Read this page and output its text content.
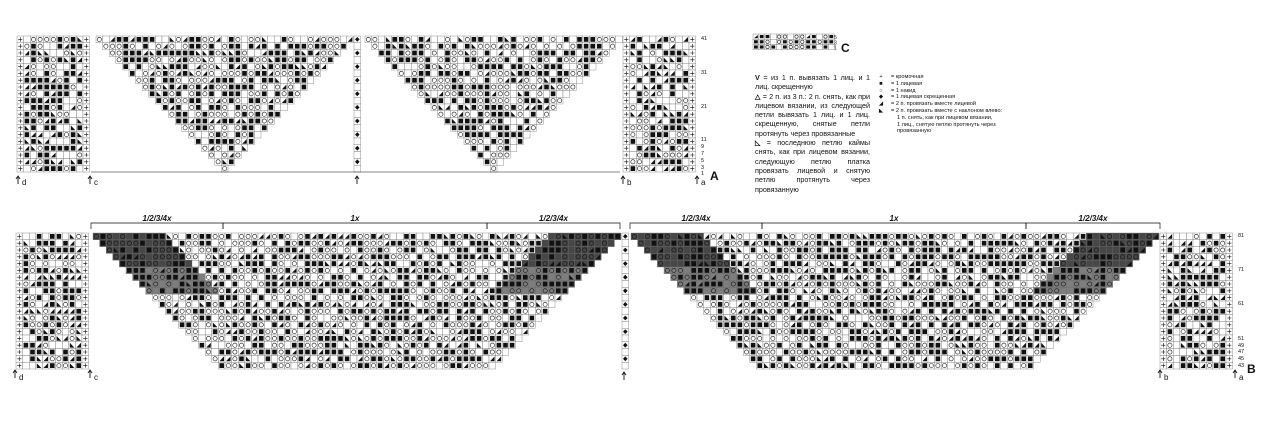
41
31
21
11
9
7
5
3
1
d	c	b	a A
5
3
1 C
1/2/3/4x	1x	1/2/3/4x	1/2/3/4x	1x	1/2/3/4x
81
71
61
51
49
47
45
43
d	c	b	a
B

V = из 1 п. вывязать 1 лиц. и 1 лиц. скрещенную

△ = 2 п. из 3 п.: 2 п. снять, как при лицевом вязании, из следующей петли вывязать 1 лиц. и 1 лиц. скрещенную, снятые петли протянуть через провязанные

◺ = последнюю петлю каймы снять, как при лицевом вязании, следующую петлю платка провязать лицевой и снятую петлю протянуть через провязанную

+	= кромочная
■	= 1 лицевая
○	= 1 накид
◆	= 1 лицевая скрещенная
◢	= 2 п. провязать вместе лицевой
◣	= 2 п. провязать вместе с наклоном влево:
1 п. снять, как при лицевом вязании,
1 лиц., снятую петлю протянуть через
провязанную
